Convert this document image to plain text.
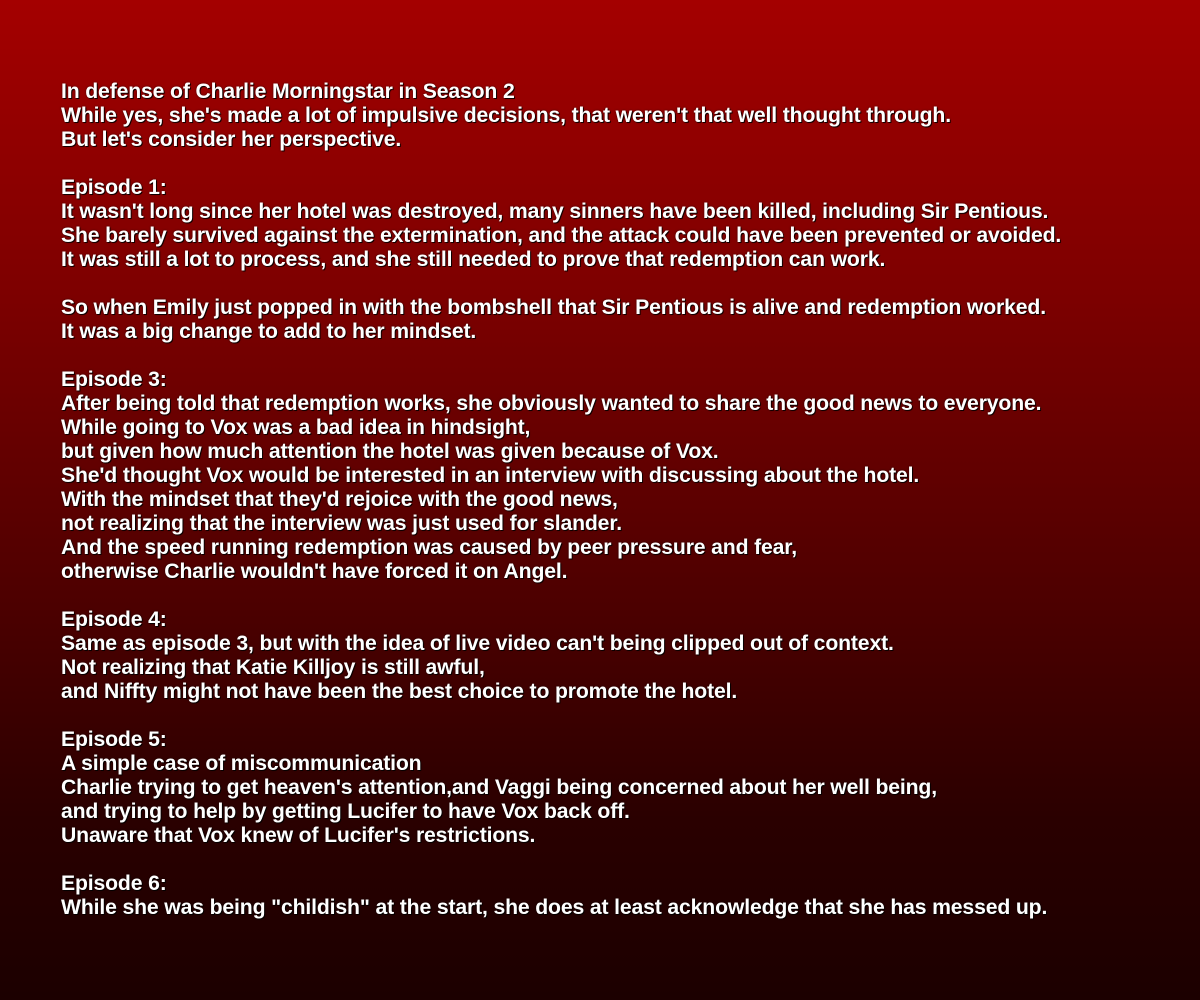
In defense of Charlie Morningstar in Season 2
While yes, she's made a lot of impulsive decisions, that weren't that well thought through.
But let's consider her perspective.
Episode 1:
It wasn't long since her hotel was destroyed, many sinners have been killed, including Sir Pentious.
She barely survived against the extermination, and the attack could have been prevented or avoided.
It was still a lot to process, and she still needed to prove that redemption can work.
So when Emily just popped in with the bombshell that Sir Pentious is alive and redemption worked.
It was a big change to add to her mindset.
Episode 3:
After being told that redemption works, she obviously wanted to share the good news to everyone.
While going to Vox was a bad idea in hindsight,
but given how much attention the hotel was given because of Vox.
She'd thought Vox would be interested in an interview with discussing about the hotel.
With the mindset that they'd rejoice with the good news,
not realizing that the interview was just used for slander.
And the speed running redemption was caused by peer pressure and fear,
otherwise Charlie wouldn't have forced it on Angel.
Episode 4:
Same as episode 3, but with the idea of live video can't being clipped out of context.
Not realizing that Katie Killjoy is still awful,
and Niffty might not have been the best choice to promote the hotel.
Episode 5:
A simple case of miscommunication
Charlie trying to get heaven's attention,and Vaggi being concerned about her well being,
and trying to help by getting Lucifer to have Vox back off.
Unaware that Vox knew of Lucifer's restrictions.
Episode 6:
While she was being "childish" at the start, she does at least acknowledge that she has messed up.
